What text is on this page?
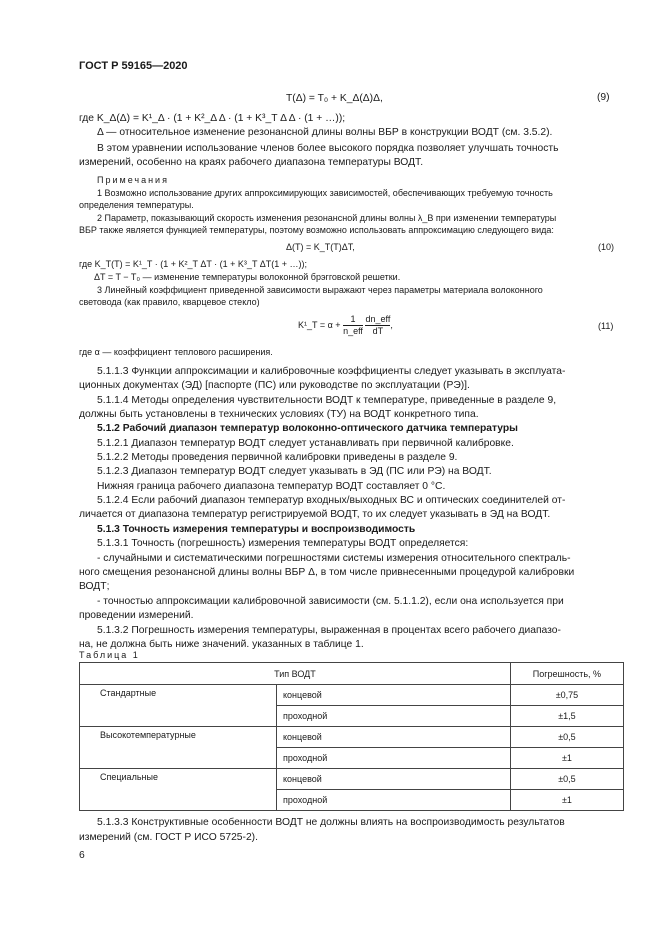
ГОСТ Р 59165—2020
T(Δ) = T₀ + K_Δ(Δ)Δ,	(9)
где K_Δ(Δ) = K¹_Δ · (1 + K²_Δ Δ · (1 + K³_T Δ Δ · (1 + …));
Δ — относительное изменение резонансной длины волны ВБР в конструкции ВОДТ (см. 3.5.2).
В этом уравнении использование членов более высокого порядка позволяет улучшать точность
измерений, особенно на краях рабочего диапазона температуры ВОДТ.
Примечания
1 Возможно использование других аппроксимирующих зависимостей, обеспечивающих требуемую точность
определения температуры.
2 Параметр, показывающий скорость изменения резонансной длины волны λ_B при изменении температуры
ВБР также является функцией температуры, поэтому возможно использовать аппроксимацию следующего вида:
Δ(T) = K_T(T)ΔT,	(10)
где K_T(T) = K¹_T · (1 + K²_T ΔT · (1 + K³_T ΔT(1 + …));
ΔT = T − T₀ — изменение температуры волоконной брэгговской решетки.
3 Линейный коэффициент приведенной зависимости выражают через параметры материала волоконного
световода (как правило, кварцевое стекло)
K¹_T = $\alpha + \frac{1}{\text{n\_eff}}$
$\frac{\text{dn\_eff}}{dT}$ ,	(11)
где α — коэффициент теплового расширения.
5.1.1.3 Функции аппроксимации и калибровочные коэффициенты следует указывать в эксплуата-
ционных документах (ЭД) [паспорте (ПС) или руководстве по эксплуатации (РЭ)].
5.1.1.4 Методы определения чувствительности ВОДТ к температуре, приведенные в разделе 9,
должны быть установлены в технических условиях (ТУ) на ВОДТ конкретного типа.
5.1.2 Рабочий диапазон температур волоконно-оптического датчика температуры
5.1.2.1 Диапазон температур ВОДТ следует устанавливать при первичной калибровке.
5.1.2.2 Методы проведения первичной калибровки приведены в разделе 9.
5.1.2.3 Диапазон температур ВОДТ следует указывать в ЭД (ПС или РЭ) на ВОДТ.
Нижняя граница рабочего диапазона температур ВОДТ составляет 0 °С.
5.1.2.4 Если рабочий диапазон температур входных/выходных ВС и оптических соединителей от-
личается от диапазона температур регистрируемой ВОДТ, то их следует указывать в ЭД на ВОДТ.
5.1.3 Точность измерения температуры и воспроизводимость
5.1.3.1 Точность (погрешность) измерения температуры ВОДТ определяется:
- случайными и систематическими погрешностями системы измерения относительного спектраль-
ного смещения резонансной длины волны ВБР Δ, в том числе привнесенными процедурой калибровки
ВОДТ;
- точностью аппроксимации калибровочной зависимости (см. 5.1.1.2), если она используется при
проведении измерений.
5.1.3.2 Погрешность измерения температуры, выраженная в процентах всего рабочего диапазо-
на, не должна быть ниже значений. указанных в таблице 1.
Таблица 1
Тип ВОДТ		Погрешность, %
Стандартные	концевой	±0,75
	проходной	±1,5
Высокотемпературные	концевой	±0,5
	проходной	±1
Специальные	концевой	±0,5
	проходной	±1
5.1.3.3 Конструктивные особенности ВОДТ не должны влиять на воспроизводимость результатов
измерений (см. ГОСТ Р ИСО 5725-2).
6
